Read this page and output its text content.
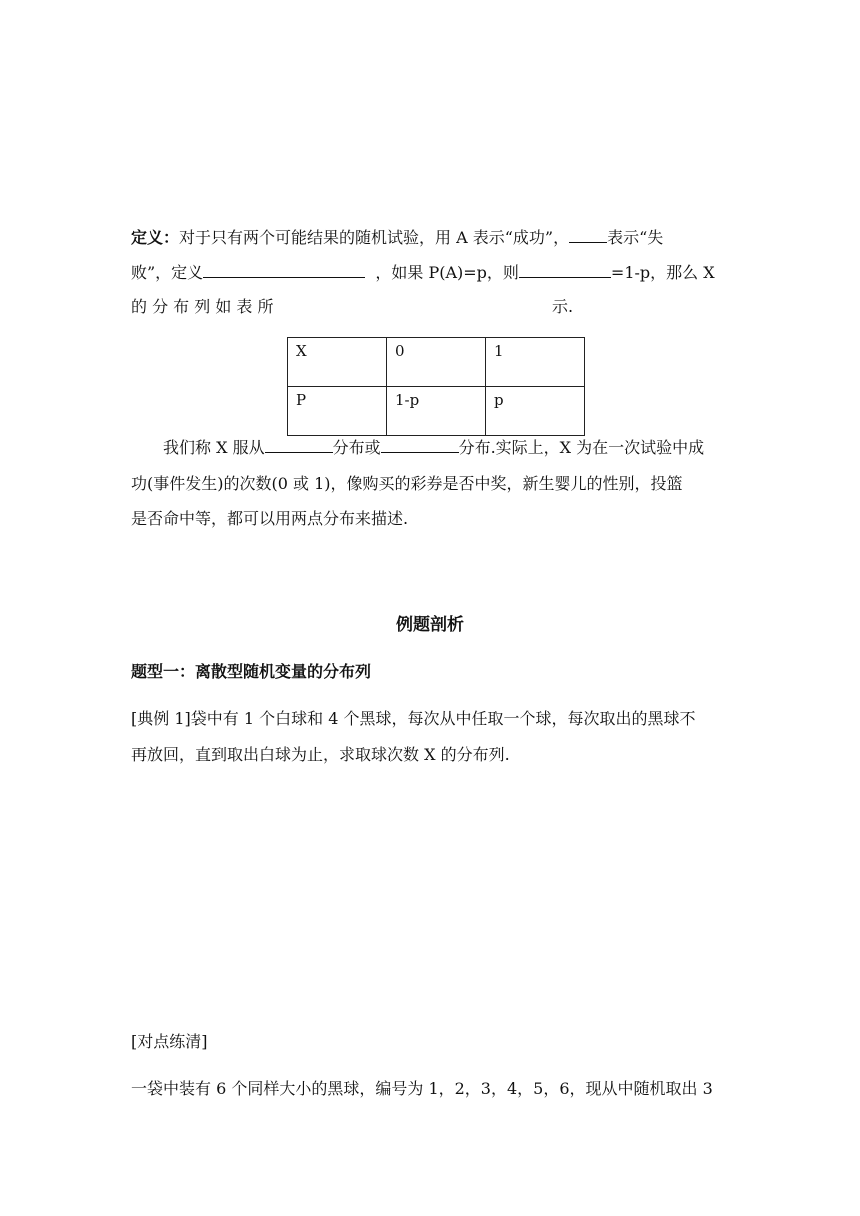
定义：对于只有两个可能结果的随机试验，用 A 表示“成功”， 表示“失
败”，定义	，如果 P(A)=p，则	=1-p，那么 X
的 分 布 列 如 表 所	示.
X	0	1
P	1-p	p
我们称 X 服从	分布或	分布.实际上，X 为在一次试验中成
功(事件发生)的次数(0 或 1)，像购买的彩券是否中奖，新生婴儿的性别，投篮
是否命中等，都可以用两点分布来描述.
例题剖析
题型一：离散型随机变量的分布列
[典例 1]袋中有 1 个白球和 4 个黑球，每次从中任取一个球，每次取出的黑球不
再放回，直到取出白球为止，求取球次数 X 的分布列.
[对点练清]
一袋中装有 6 个同样大小的黑球，编号为 1，2，3，4，5，6，现从中随机取出 3
